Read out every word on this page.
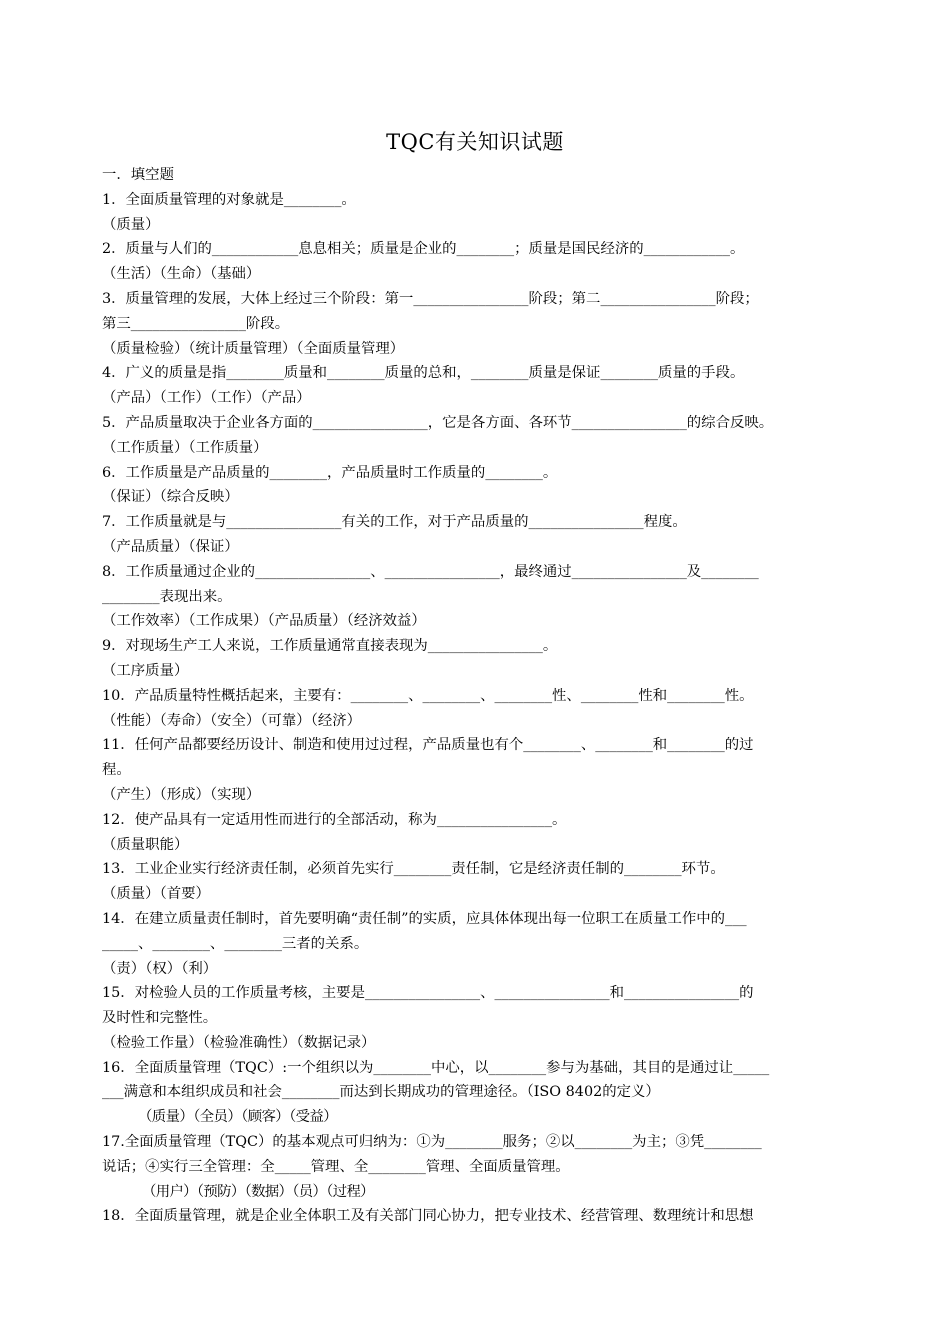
TQC有关知识试题
一．填空题
1．全面质量管理的对象就是________。
（质量）
2．质量与人们的____________息息相关；质量是企业的________；质量是国民经济的____________。
（生活）（生命）（基础）
3．质量管理的发展，大体上经过三个阶段：第一________________阶段；第二________________阶段；
第三________________阶段。
（质量检验）（统计质量管理）（全面质量管理）
4．广义的质量是指________质量和________质量的总和，________质量是保证________质量的手段。
（产品）（工作）（工作）（产品）
5．产品质量取决于企业各方面的________________，它是各方面、各环节________________的综合反映。
（工作质量）（工作质量）
6．工作质量是产品质量的________，产品质量时工作质量的________。
（保证）（综合反映）
7．工作质量就是与________________有关的工作，对于产品质量的________________程度。
（产品质量）（保证）
8．工作质量通过企业的________________、________________，最终通过________________及________
________表现出来。
（工作效率）（工作成果）（产品质量）（经济效益）
9．对现场生产工人来说，工作质量通常直接表现为________________。
（工序质量）
10．产品质量特性概括起来，主要有：________、________、________性、________性和________性。
（性能）（寿命）（安全）（可靠）（经济）
11．任何产品都要经历设计、制造和使用过过程，产品质量也有个________、________和________的过
程。
（产生）（形成）（实现）
12．使产品具有一定适用性而进行的全部活动，称为________________。
（质量职能）
13．工业企业实行经济责任制，必须首先实行________责任制，它是经济责任制的________环节。
（质量）（首要）
14．在建立质量责任制时，首先要明确“责任制”的实质，应具体体现出每一位职工在质量工作中的___
_____、________、________三者的关系。
（责）（权）（利）
15．对检验人员的工作质量考核，主要是________________、________________和________________的
及时性和完整性。
（检验工作量）（检验准确性）（数据记录）
16．全面质量管理（TQC）:一个组织以为________中心，以________参与为基础，其目的是通过让_____
___满意和本组织成员和社会________而达到长期成功的管理途径。（ISO 8402的定义）
（质量）（全员）（顾客）（受益）
17.全面质量管理（TQC）的基本观点可归纳为：①为________服务；②以________为主；③凭________
说话；④实行三全管理：全_____管理、全________管理、全面质量管理。
（用户）（预防）（数据）（员）（过程）
18．全面质量管理，就是企业全体职工及有关部门同心协力，把专业技术、经营管理、数理统计和思想
